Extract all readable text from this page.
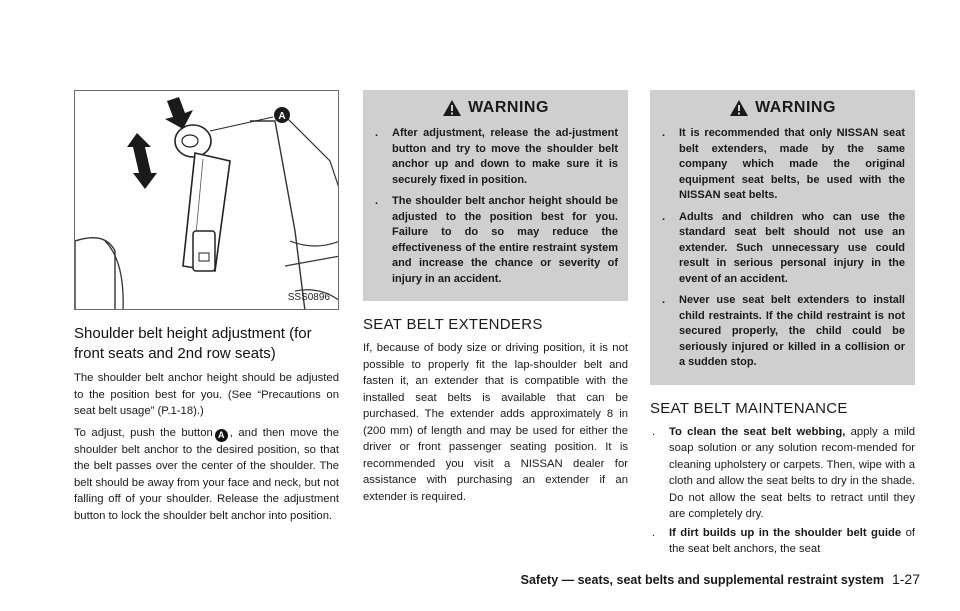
A
SSS0896
Shoulder belt height adjustment (for front seats and 2nd row seats)

The shoulder belt anchor height should be adjusted to the position best for you. (See “Precautions on seat belt usage” (P.1-18).)

To adjust, push the button A , and then move the shoulder belt anchor to the desired position, so that the belt passes over the center of the shoulder. The belt should be away from your face and neck, but not falling off of your shoulder. Release the adjustment button to lock the shoulder belt anchor into position.

WARNING
. After adjustment, release the ad-justment button and try to move the shoulder belt anchor up and down to make sure it is securely fixed in position.
. The shoulder belt anchor height should be adjusted to the position best for you. Failure to do so may reduce the effectiveness of the entire restraint system and increase the chance or severity of injury in an accident.
SEAT BELT EXTENDERS

If, because of body size or driving position, it is not possible to properly fit the lap-shoulder belt and fasten it, an extender that is compatible with the installed seat belts is available that can be purchased. The extender adds approximately 8 in (200 mm) of length and may be used for either the driver or front passenger seating position. It is recommended you visit a NISSAN dealer for assistance with purchasing an extender if an extender is required.

WARNING
. It is recommended that only NISSAN seat belt extenders, made by the same company which made the original equipment seat belts, be used with the NISSAN seat belts.
. Adults and children who can use the standard seat belt should not use an extender. Such unnecessary use could result in serious personal injury in the event of an accident.
. Never use seat belt extenders to install child restraints. If the child restraint is not secured properly, the child could be seriously injured or killed in a collision or a sudden stop.
SEAT BELT MAINTENANCE
. To clean the seat belt webbing, apply a mild soap solution or any solution recom-mended for cleaning upholstery or carpets. Then, wipe with a cloth and allow the seat belts to dry in the shade. Do not allow the seat belts to retract until they are completely dry.
. If dirt builds up in the shoulder belt guide of the seat belt anchors, the seat
Safety — seats, seat belts and supplemental restraint system 1-27
